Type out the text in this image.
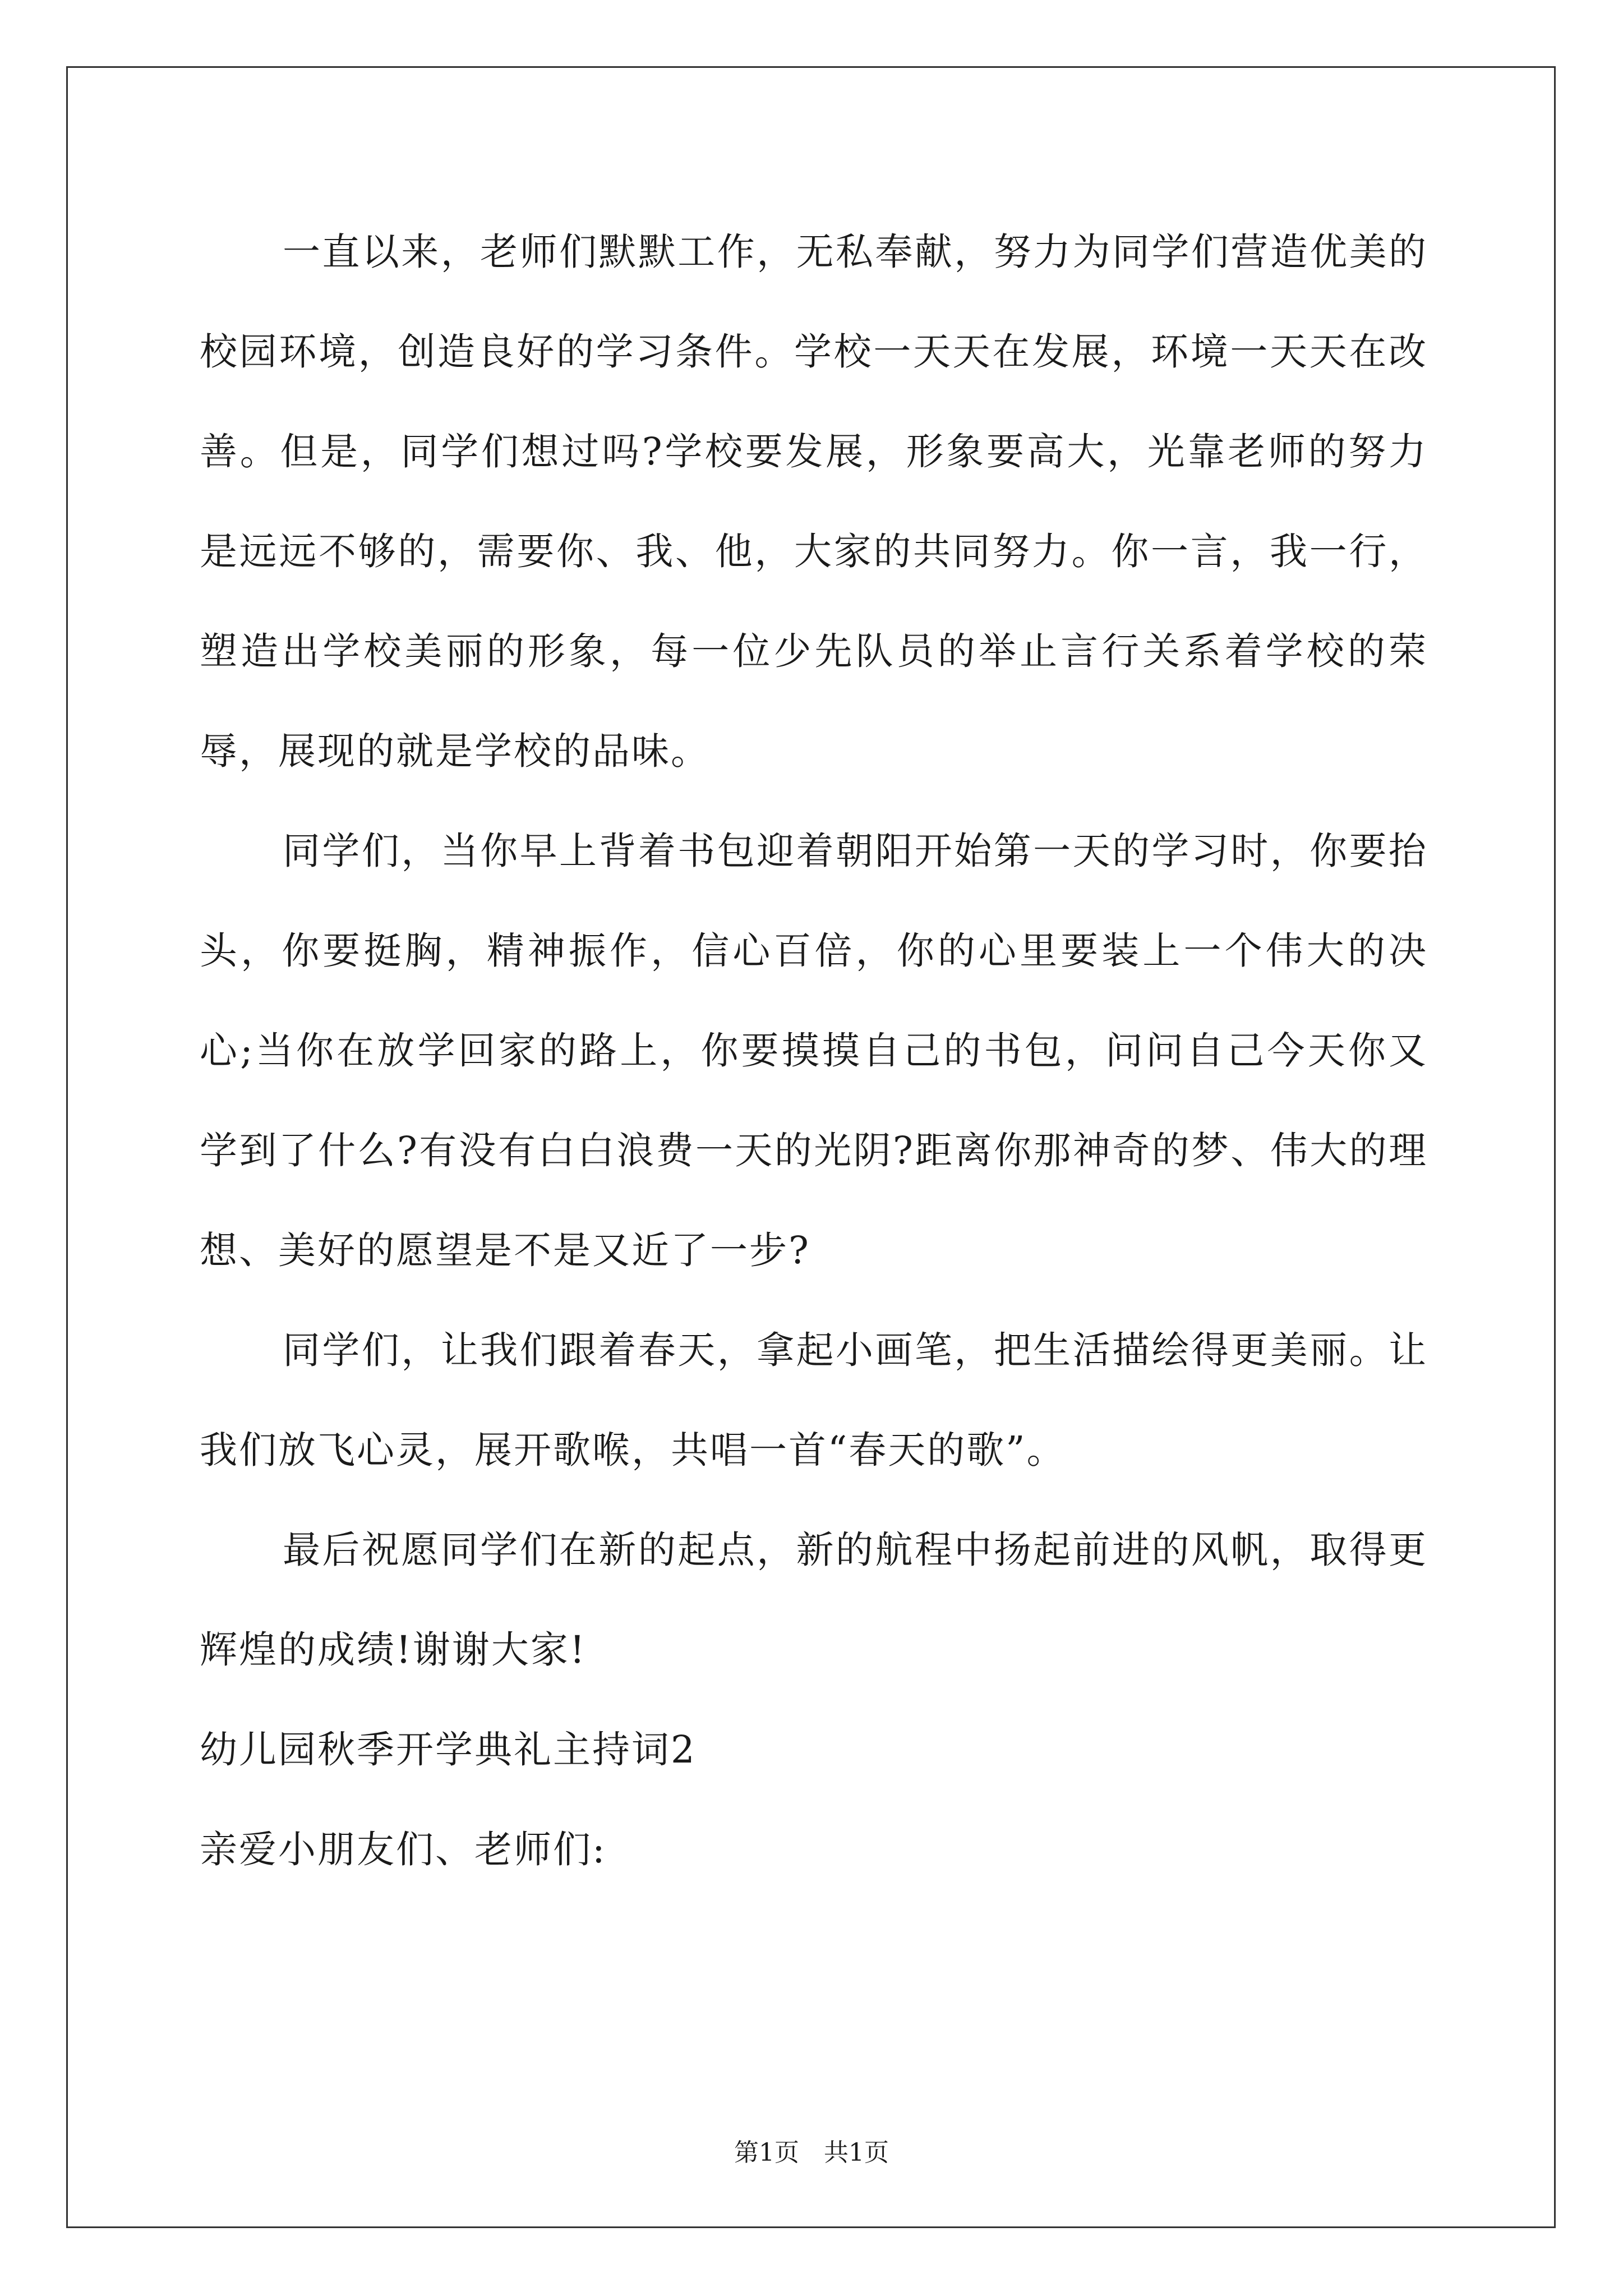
一直以来，老师们默默工作，无私奉献，努力为同学们营造优美的校园环境，创造良好的学习条件。学校一天天在发展，环境一天天在改善。但是，同学们想过吗?学校要发展，形象要高大，光靠老师的努力是远远不够的，需要你、我、他，大家的共同努力。你一言，我一行，塑造出学校美丽的形象，每一位少先队员的举止言行关系着学校的荣辱，展现的就是学校的品味。

同学们，当你早上背着书包迎着朝阳开始第一天的学习时，你要抬头，你要挺胸，精神振作，信心百倍，你的心里要装上一个伟大的决心;当你在放学回家的路上，你要摸摸自己的书包，问问自己今天你又学到了什么?有没有白白浪费一天的光阴?距离你那神奇的梦、伟大的理想、美好的愿望是不是又近了一步?

同学们，让我们跟着春天，拿起小画笔，把生活描绘得更美丽。让我们放飞心灵，展开歌喉，共唱一首“春天的歌”。

最后祝愿同学们在新的起点，新的航程中扬起前进的风帆，取得更辉煌的成绩!谢谢大家!

幼儿园秋季开学典礼主持词2

亲爱小朋友们、老师们:

第1页　共1页
